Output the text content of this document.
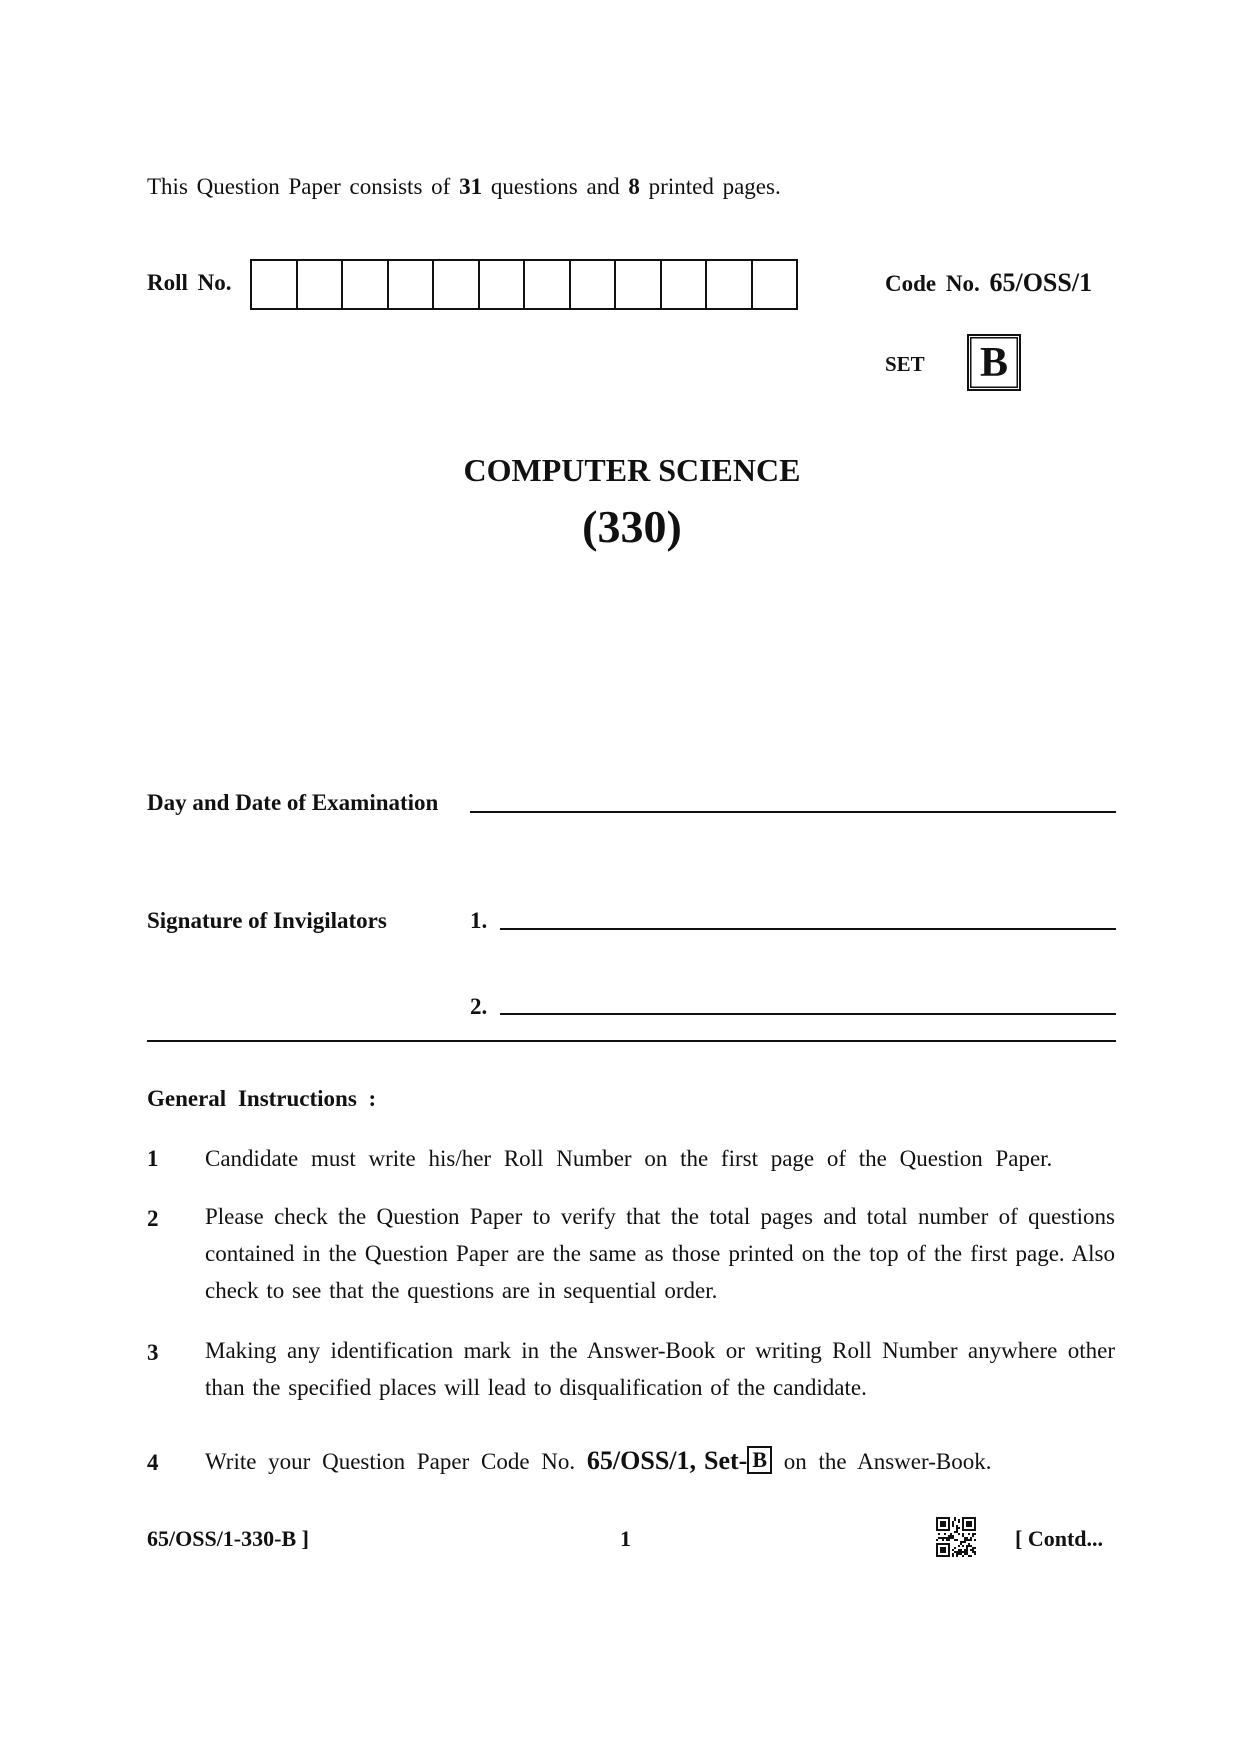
This Question Paper consists of 31 questions and 8 printed pages.
Roll No.	Code No. 65/OSS/1
SET	B
COMPUTER SCIENCE
(330)
Day and Date of Examination
Signature of Invigilators	1.
2.
General Instructions :
1 Candidate must write his/her Roll Number on the first page of the Question Paper.
2 Please check the Question Paper to verify that the total pages and total number of questions contained in the Question Paper are the same as those printed on the top of the first page. Also check to see that the questions are in sequential order.
3 Making any identification mark in the Answer-Book or writing Roll Number anywhere other than the specified places will lead to disqualification of the candidate.
4 Write your Question Paper Code No. 65/OSS/1, Set- B on the Answer-Book.
65/OSS/1-330-B ]	1	[ Contd...
